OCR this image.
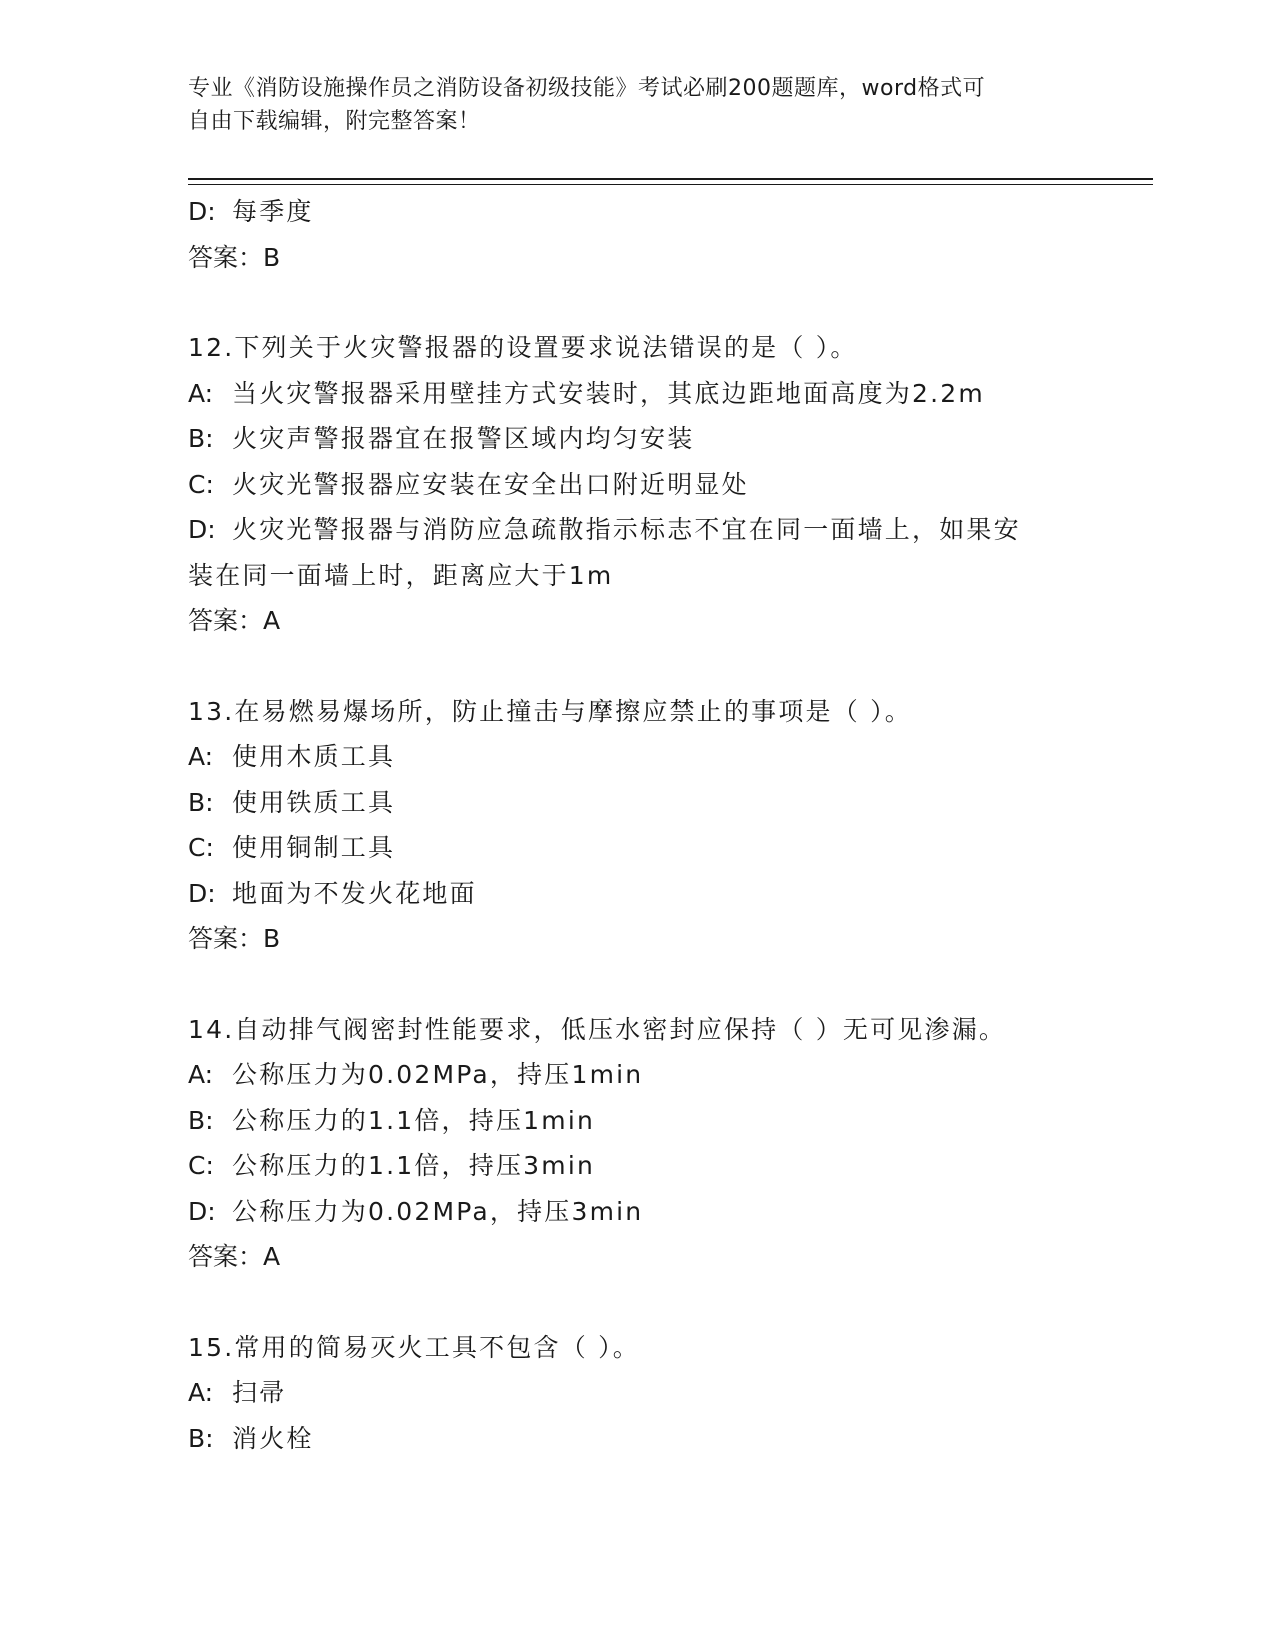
专业《消防设施操作员之消防设备初级技能》考试必刷200题题库，word格式可
自由下载编辑，附完整答案！
D: 每季度
答案：B
12.下列关于火灾警报器的设置要求说法错误的是（ ）。
A: 当火灾警报器采用壁挂方式安装时，其底边距地面高度为2.2m
B: 火灾声警报器宜在报警区域内均匀安装
C: 火灾光警报器应安装在安全出口附近明显处
D: 火灾光警报器与消防应急疏散指示标志不宜在同一面墙上，如果安
装在同一面墙上时，距离应大于1m
答案：A
13.在易燃易爆场所，防止撞击与摩擦应禁止的事项是（ ）。
A: 使用木质工具
B: 使用铁质工具
C: 使用铜制工具
D: 地面为不发火花地面
答案：B
14.自动排气阀密封性能要求，低压水密封应保持（ ）无可见渗漏。
A: 公称压力为0.02MPa，持压1min
B: 公称压力的1.1倍，持压1min
C: 公称压力的1.1倍，持压3min
D: 公称压力为0.02MPa，持压3min
答案：A
15.常用的简易灭火工具不包含（ ）。
A: 扫帚
B: 消火栓
